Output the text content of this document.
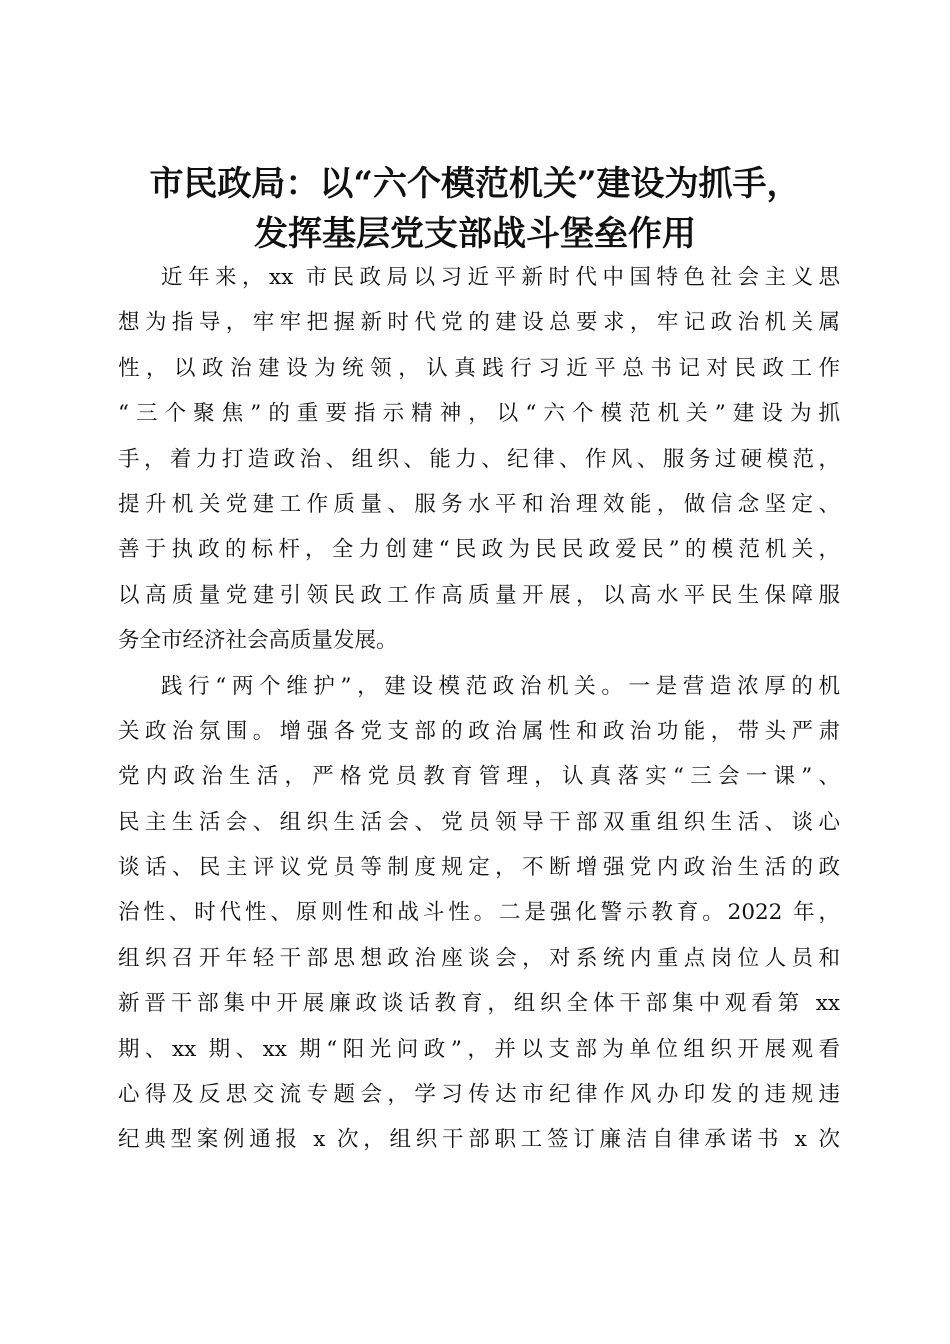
市民政局：以“六个模范机关”建设为抓手，
发挥基层党支部战斗堡垒作用
近年来，xx 市民政局以习近平新时代中国特色社会主义思
想为指导，牢牢把握新时代党的建设总要求，牢记政治机关属
性，以政治建设为统领，认真践行习近平总书记对民政工作
“三个聚焦”的重要指示精神，以“六个模范机关”建设为抓
手，着力打造政治、组织、能力、纪律、作风、服务过硬模范，
提升机关党建工作质量、服务水平和治理效能，做信念坚定、
善于执政的标杆，全力创建“民政为民民政爱民”的模范机关，
以高质量党建引领民政工作高质量开展，以高水平民生保障服
务全市经济社会高质量发展。
践行“两个维护”，建设模范政治机关。一是营造浓厚的机
关政治氛围。增强各党支部的政治属性和政治功能，带头严肃
党内政治生活，严格党员教育管理，认真落实“三会一课”、
民主生活会、组织生活会、党员领导干部双重组织生活、谈心
谈话、民主评议党员等制度规定，不断增强党内政治生活的政
治性、时代性、原则性和战斗性。二是强化警示教育。2022 年，
组织召开年轻干部思想政治座谈会，对系统内重点岗位人员和
新晋干部集中开展廉政谈话教育，组织全体干部集中观看第 xx
期、xx 期、xx 期“阳光问政”，并以支部为单位组织开展观看
心得及反思交流专题会，学习传达市纪律作风办印发的违规违
纪典型案例通报 x 次，组织干部职工签订廉洁自律承诺书 x 次
